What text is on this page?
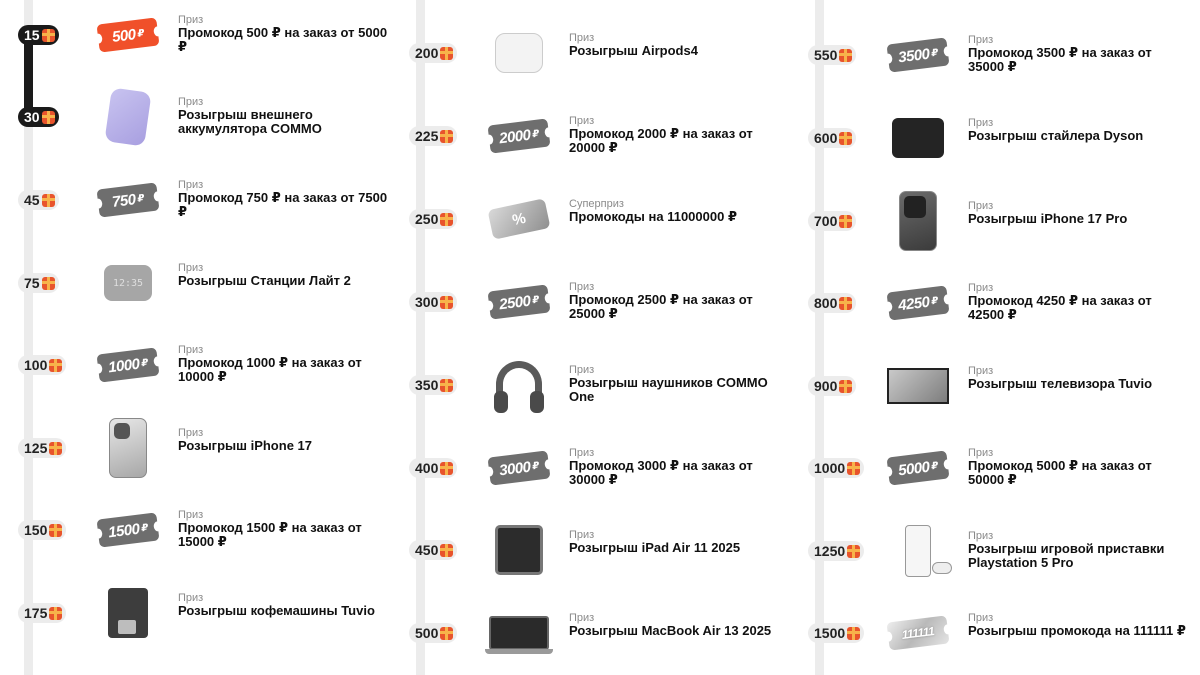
15	500 ₽
Приз
Промокод 500 ₽ на заказ от 5000 ₽
30
Приз
Розыгрыш внешнего аккумулятора COMMO
45	750 ₽
Приз
Промокод 750 ₽ на заказ от 7500 ₽
75	12:35
Приз
Розыгрыш Станции Лайт 2
100	1000 ₽
Приз
Промокод 1000 ₽ на заказ от 10000 ₽
125
Приз
Розыгрыш iPhone 17
150	1500 ₽
Приз
Промокод 1500 ₽ на заказ от 15000 ₽
175
Приз
Розыгрыш кофемашины Tuvio
200
Приз
Розыгрыш Airpods4
225	2000 ₽
Приз
Промокод 2000 ₽ на заказ от 20000 ₽
250	%
Суперприз
Промокоды на 11000000 ₽
300	2500 ₽
Приз
Промокод 2500 ₽ на заказ от 25000 ₽
350
Приз
Розыгрыш наушников COMMO One
400	3000 ₽
Приз
Промокод 3000 ₽ на заказ от 30000 ₽
450
Приз
Розыгрыш iPad Air 11 2025
500
Приз
Розыгрыш MacBook Air 13 2025
550	3500 ₽
Приз
Промокод 3500 ₽ на заказ от 35000 ₽
600
Приз
Розыгрыш стайлера Dyson
700
Приз
Розыгрыш iPhone 17 Pro
800	4250 ₽
Приз
Промокод 4250 ₽ на заказ от 42500 ₽
900
Приз
Розыгрыш телевизора Tuvio
1000	5000 ₽
Приз
Промокод 5000 ₽ на заказ от 50000 ₽
1250
Приз
Розыгрыш игровой приставки Playstation 5 Pro
1500	111111
Приз
Розыгрыш промокода на 111111 ₽
